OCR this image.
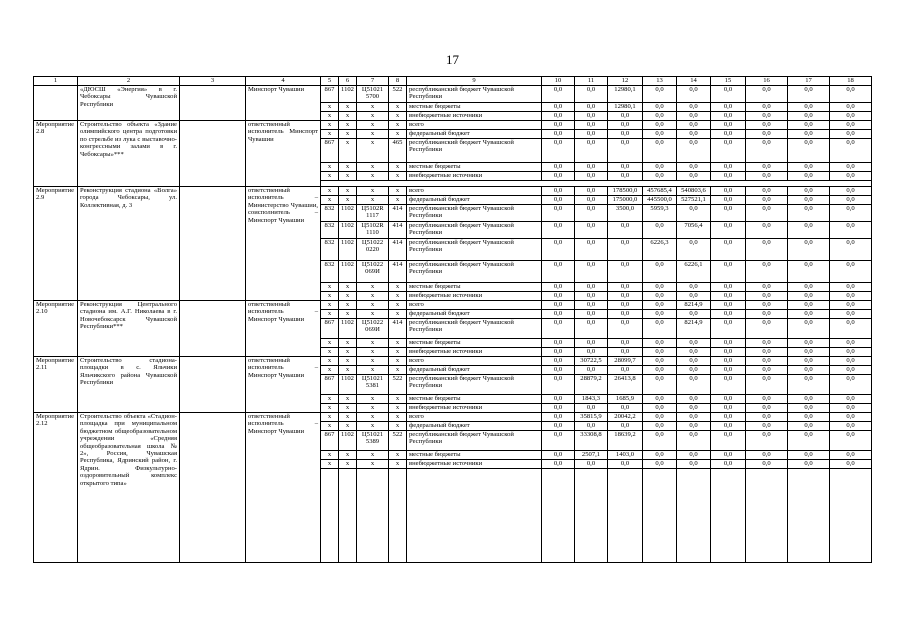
17
1	2	3	4	5	6	7	8	9	10	11	12	13	14	15	16	17	18
	«ДЮСШ «Энергия» в г. Чебоксары Чувашской Республики		Минспорт Чувашии	867	1102	Ц51021 5700	522	республиканский бюджет Чувашской Республики	0,0	0,0	12980,1	0,0	0,0	0,0	0,0	0,0	0,0
				x	x	x	x	местные бюджеты	0,0	0,0	12980,1	0,0	0,0	0,0	0,0	0,0	0,0
				x	x	x	x	внебюджетные источники	0,0	0,0	0,0	0,0	0,0	0,0	0,0	0,0	0,0
Мероприятие 2.8	Строительство объекта «Здание олимпийского центра подготовки по стрельбе из лука с выставочно-конгрессными залами в г. Чебоксары»***		ответственный исполнитель Минспорт Чувашии	x	x	x	x	всего	0,0	0,0	0,0	0,0	0,0	0,0	0,0	0,0	0,0
				x	x	x	x	федеральный бюджет	0,0	0,0	0,0	0,0	0,0	0,0	0,0	0,0	0,0
				867	x	x	465	республиканский бюджет Чувашской Республики	0,0	0,0	0,0	0,0	0,0	0,0	0,0	0,0	0,0
				x	x	x	x	местные бюджеты	0,0	0,0	0,0	0,0	0,0	0,0	0,0	0,0	0,0
				x	x	x	x	внебюджетные источники	0,0	0,0	0,0	0,0	0,0	0,0	0,0	0,0	0,0

Мероприятие 2.9	Реконструкция стадиона «Волга» города Чебоксары, ул. Коллективная, д. 3		ответственный исполнитель – Министерство Чувашии, соисполнитель – Минспорт Чувашии	x	x	x	x	всего	0,0	0,0	178500,0	457685,4	540803,6	0,0	0,0	0,0	0,0
				x	x	x	x	федеральный бюджет	0,0	0,0	175000,0	445500,0	527521,1	0,0	0,0	0,0	0,0
				832	1102	Ц5102R 1117	414	республиканский бюджет Чувашской Республики	0,0	0,0	3500,0	5959,3	0,0	0,0	0,0	0,0	0,0
				832	1102	Ц5102R 1110	414	республиканский бюджет Чувашской Республики	0,0	0,0	0,0	0,0	7056,4	0,0	0,0	0,0	0,0
				832	1102	Ц51022 0220	414	республиканский бюджет Чувашской Республики	0,0	0,0	0,0	6226,3	0,0	0,0	0,0	0,0	0,0
				832	1102	Ц51022 069И	414	республиканский бюджет Чувашской Республики	0,0	0,0	0,0	0,0	6226,1	0,0	0,0	0,0	0,0
				x	x	x	x	местные бюджеты	0,0	0,0	0,0	0,0	0,0	0,0	0,0	0,0	0,0
				x	x	x	x	внебюджетные источники	0,0	0,0	0,0	0,0	0,0	0,0	0,0	0,0	0,0
Мероприятие 2.10	Реконструкция Центрального стадиона им. А.Г. Николаева в г. Новочебоксарск Чувашской Республики***		ответственный исполнитель – Минспорт Чувашии	x	x	x	x	всего	0,0	0,0	0,0	0,0	8214,9	0,0	0,0	0,0	0,0
				x	x	x	x	федеральный бюджет	0,0	0,0	0,0	0,0	0,0	0,0	0,0	0,0	0,0
				867	1102	Ц51022 069И	414	республиканский бюджет Чувашской Республики	0,0	0,0	0,0	0,0	8214,9	0,0	0,0	0,0	0,0
				x	x	x	x	местные бюджеты	0,0	0,0	0,0	0,0	0,0	0,0	0,0	0,0	0,0
				x	x	x	x	внебюджетные источники	0,0	0,0	0,0	0,0	0,0	0,0	0,0	0,0	0,0
Мероприятие 2.11	Строительство стадиона-площадки в с. Яльчики Яльчикского района Чувашской Республики		ответственный исполнитель – Минспорт Чувашии	x	x	x	x	всего	0,0	30722,5	28099,7	0,0	0,0	0,0	0,0	0,0	0,0
				x	x	x	x	федеральный бюджет	0,0	0,0	0,0	0,0	0,0	0,0	0,0	0,0	0,0
				867	1102	Ц51021 5381	522	республиканский бюджет Чувашской Республики	0,0	28879,2	26413,8	0,0	0,0	0,0	0,0	0,0	0,0
				x	x	x	x	местные бюджеты	0,0	1843,3	1685,9	0,0	0,0	0,0	0,0	0,0	0,0
				x	x	x	x	внебюджетные источники	0,0	0,0	0,0	0,0	0,0	0,0	0,0	0,0	0,0
Мероприятие 2.12	Строительство объекта «Стадион-площадка при муниципальном бюджетном общеобразовательном учреждении «Средняя общеобразовательная школа № 2», Россия, Чувашская Республика, Ядринский район, г. Ядрин. Физкультурно-оздоровительный комплекс открытого типа»		ответственный исполнитель – Минспорт Чувашии	x	x	x	x	всего	0,0	35815,9	20042,2	0,0	0,0	0,0	0,0	0,0	0,0
				x	x	x	x	федеральный бюджет	0,0	0,0	0,0	0,0	0,0	0,0	0,0	0,0	0,0
				867	1102	Ц51021 5389	522	республиканский бюджет Чувашской Республики	0,0	33308,8	18639,2	0,0	0,0	0,0	0,0	0,0	0,0
				x	x	x	x	местные бюджеты	0,0	2507,1	1403,0	0,0	0,0	0,0	0,0	0,0	0,0
				x	x	x	x	внебюджетные источники	0,0	0,0	0,0	0,0	0,0	0,0	0,0	0,0	0,0
